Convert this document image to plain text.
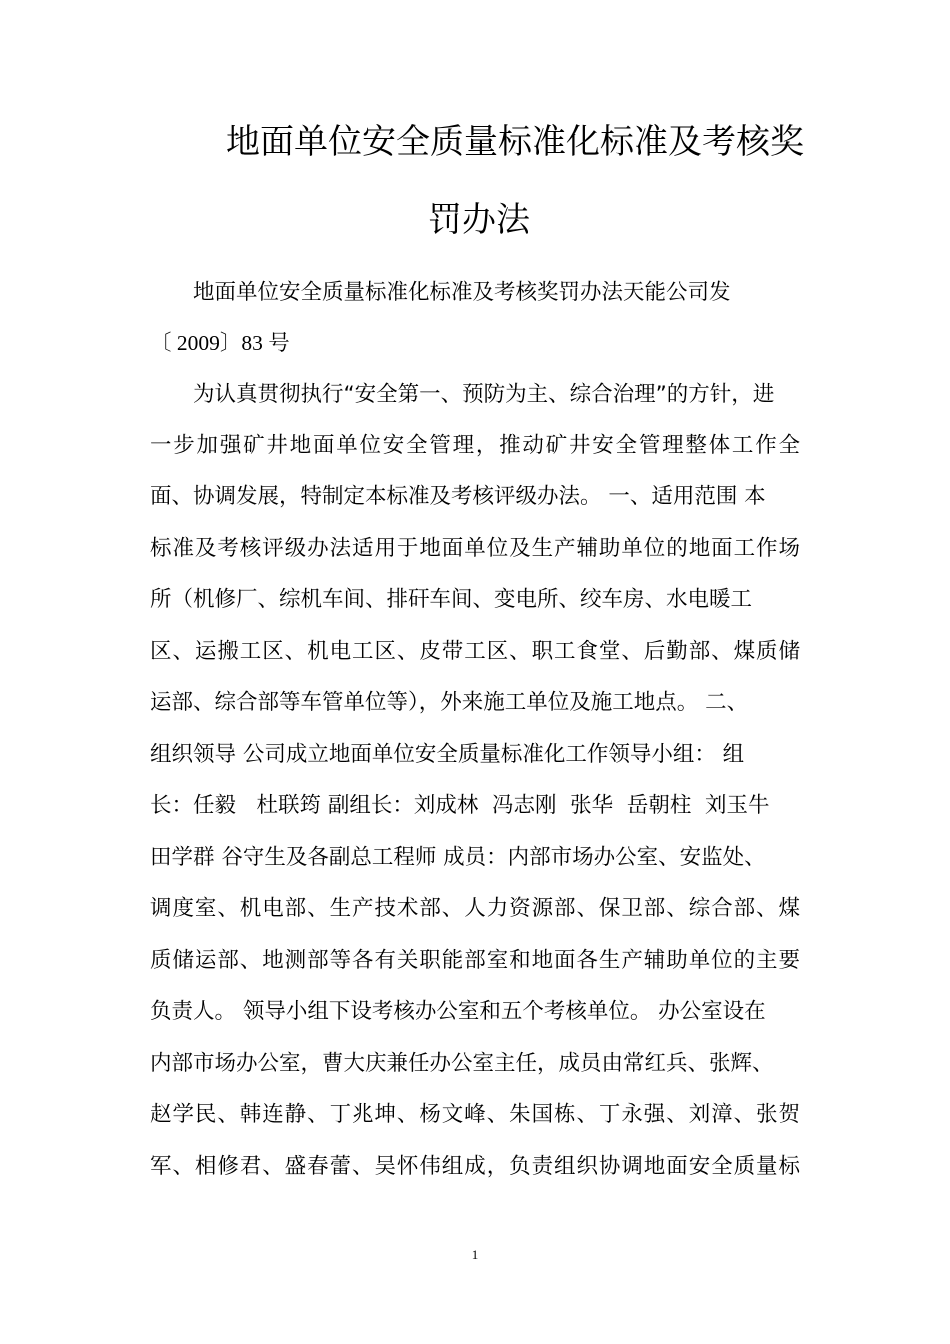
地面单位安全质量标准化标准及考核奖
罚办法
地面单位安全质量标准化标准及考核奖罚办法天能公司发
〔 2009〕83 号
为认真贯彻执行“安全第一、预防为主、综合治理”的方针，进
一步加强矿井地面单位安全管理，推动矿井安全管理整体工作全
面、协调发展，特制定本标准及考核评级办法。 一、适用范围 本
标准及考核评级办法适用于地面单位及生产辅助单位的地面工作场
所（机修厂、综机车间、排矸车间、变电所、绞车房、水电暖工
区、运搬工区、机电工区、皮带工区、职工食堂、后勤部、煤质储
运部、综合部等车管单位等），外来施工单位及施工地点。 二、
组织领导 公司成立地面单位安全质量标准化工作领导小组： 组
长：任毅   杜联筠 副组长：刘成林  冯志刚  张华  岳朝柱  刘玉牛
田学群 谷守生及各副总工程师 成员：内部市场办公室、安监处、
调度室、机电部、生产技术部、人力资源部、保卫部、综合部、煤
质储运部、地测部等各有关职能部室和地面各生产辅助单位的主要
负责人。 领导小组下设考核办公室和五个考核单位。 办公室设在
内部市场办公室，曹大庆兼任办公室主任，成员由常红兵、张辉、
赵学民、韩连静、丁兆坤、杨文峰、朱国栋、丁永强、刘漳、张贺
军、相修君、盛春蕾、吴怀伟组成，负责组织协调地面安全质量标
1
